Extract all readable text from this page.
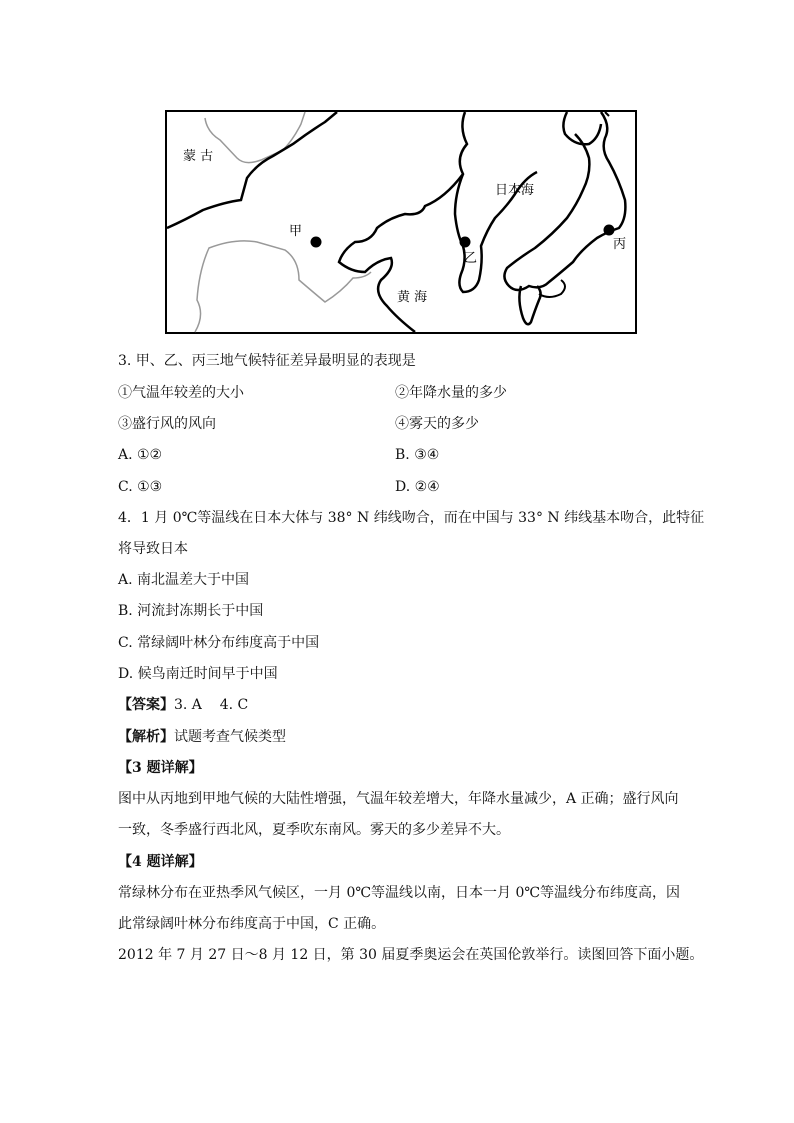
蒙 古
甲
乙
丙
日本海
黄 海
3. 甲、乙、丙三地气候特征差异最明显的表现是
①气温年较差的大小	②年降水量的多少
③盛行风的风向	④雾天的多少
A. ①②	B. ③④
C. ①③	D. ②④
4．1 月 0℃等温线在日本大体与 38° N 纬线吻合，而在中国与 33° N 纬线基本吻合，此特征
将导致日本
A. 南北温差大于中国
B. 河流封冻期长于中国
C. 常绿阔叶林分布纬度高于中国
D. 候鸟南迁时间早于中国
【答案】3. A    4. C
【解析】试题考查气候类型
【3 题详解】
图中从丙地到甲地气候的大陆性增强，气温年较差增大，年降水量减少，A 正确；盛行风向
一致，冬季盛行西北风，夏季吹东南风。雾天的多少差异不大。
【4 题详解】
常绿林分布在亚热季风气候区，一月 0℃等温线以南，日本一月 0℃等温线分布纬度高，因
此常绿阔叶林分布纬度高于中国，C 正确。
2012 年 7 月 27 日～8 月 12 日，第 30 届夏季奥运会在英国伦敦举行。读图回答下面小题。
